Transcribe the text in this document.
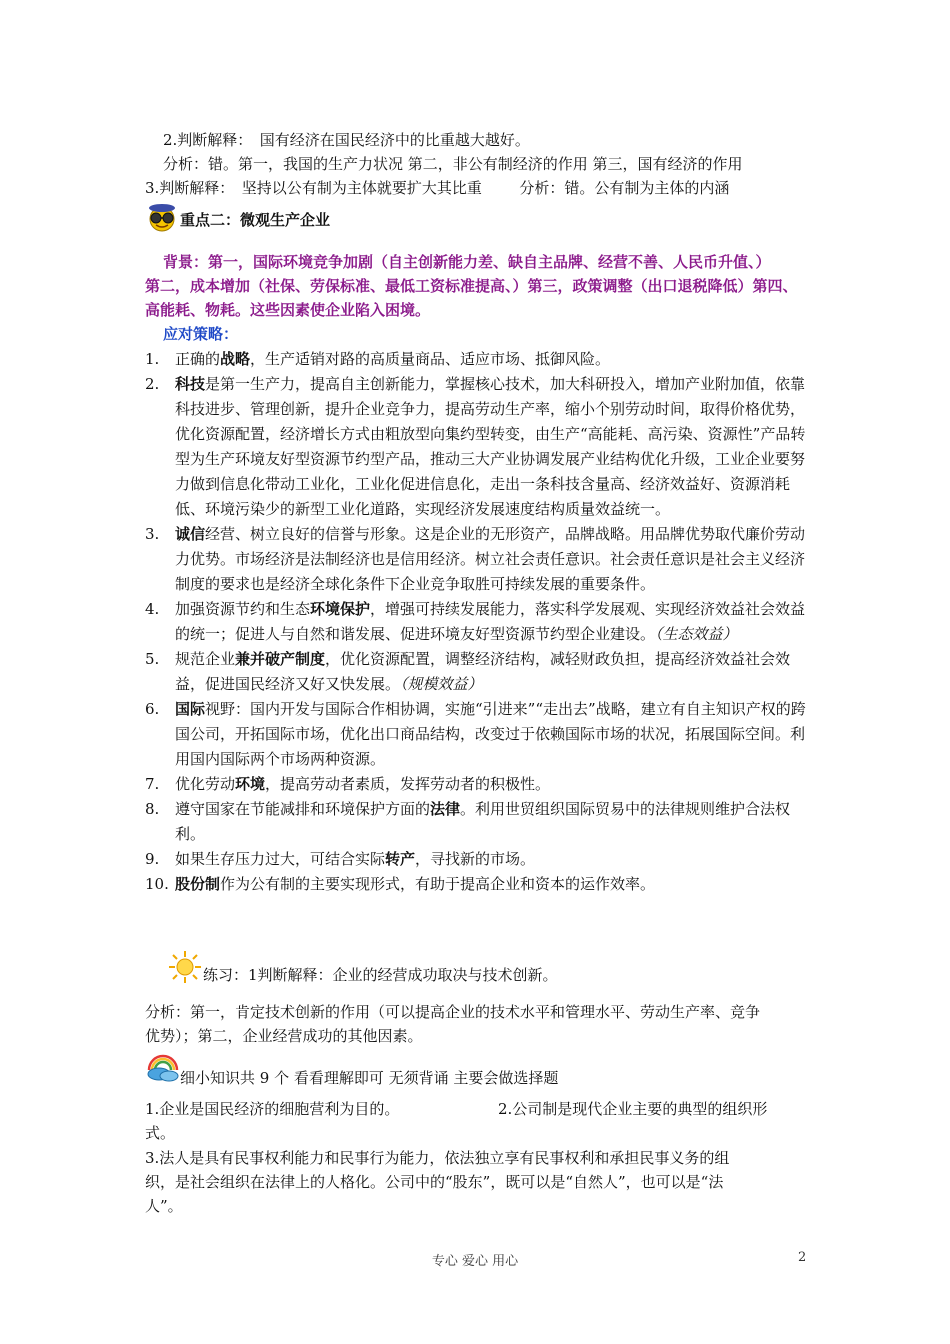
2.判断解释：　国有经济在国民经济中的比重越大越好。
分析：错。第一，我国的生产力状况 第二，非公有制经济的作用 第三，国有经济的作用
3.判断解释：　坚持以公有制为主体就要扩大其比重	分析：错。公有制为主体的内涵
重点二：微观生产企业
背景：第一，国际环境竞争加剧（自主创新能力差、缺自主品牌、经营不善、人民币升值、）
第二，成本增加（社保、劳保标准、最低工资标准提高、）第三，政策调整（出口退税降低）第四、
高能耗、物耗。这些因素使企业陷入困境。
应对策略：
1. 正确的战略，生产适销对路的高质量商品、适应市场、抵御风险。
2. 科技是第一生产力，提高自主创新能力，掌握核心技术，加大科研投入，增加产业附加值，依靠科技进步、管理创新，提升企业竞争力，提高劳动生产率，缩小个别劳动时间，取得价格优势，优化资源配置，经济增长方式由粗放型向集约型转变，由生产“高能耗、高污染、资源性”产品转型为生产环境友好型资源节约型产品，推动三大产业协调发展产业结构优化升级，工业企业要努力做到信息化带动工业化，工业化促进信息化，走出一条科技含量高、经济效益好、资源消耗低、环境污染少的新型工业化道路，实现经济发展速度结构质量效益统一。
3. 诚信经营、树立良好的信誉与形象。这是企业的无形资产，品牌战略。用品牌优势取代廉价劳动力优势。市场经济是法制经济也是信用经济。树立社会责任意识。社会责任意识是社会主义经济制度的要求也是经济全球化条件下企业竞争取胜可持续发展的重要条件。
4. 加强资源节约和生态环境保护，增强可持续发展能力，落实科学发展观、实现经济效益社会效益的统一；促进人与自然和谐发展、促进环境友好型资源节约型企业建设。（生态效益）
5. 规范企业兼并破产制度，优化资源配置，调整经济结构，减轻财政负担，提高经济效益社会效益，促进国民经济又好又快发展。（规模效益）
6. 国际视野：国内开发与国际合作相协调，实施“引进来”“走出去”战略，建立有自主知识产权的跨国公司，开拓国际市场，优化出口商品结构，改变过于依赖国际市场的状况，拓展国际空间。利用国内国际两个市场两种资源。
7. 优化劳动环境，提高劳动者素质，发挥劳动者的积极性。
8. 遵守国家在节能减排和环境保护方面的法律。利用世贸组织国际贸易中的法律规则维护合法权利。
9. 如果生存压力过大，可结合实际转产，寻找新的市场。
10. 股份制作为公有制的主要实现形式，有助于提高企业和资本的运作效率。
练习：1判断解释：企业的经营成功取决与技术创新。
分析：第一，肯定技术创新的作用（可以提高企业的技术水平和管理水平、劳动生产率、竞争
优势）；第二，企业经营成功的其他因素。
细小知识共 9 个 看看理解即可 无须背诵 主要会做选择题
1.企业是国民经济的细胞营利为目的。	2.公司制是现代企业主要的典型的组织形
式。
3.法人是具有民事权利能力和民事行为能力，依法独立享有民事权利和承担民事义务的组
织，是社会组织在法律上的人格化。公司中的“股东”，既可以是“自然人”，也可以是“法
人”。
专心 爱心 用心	2
